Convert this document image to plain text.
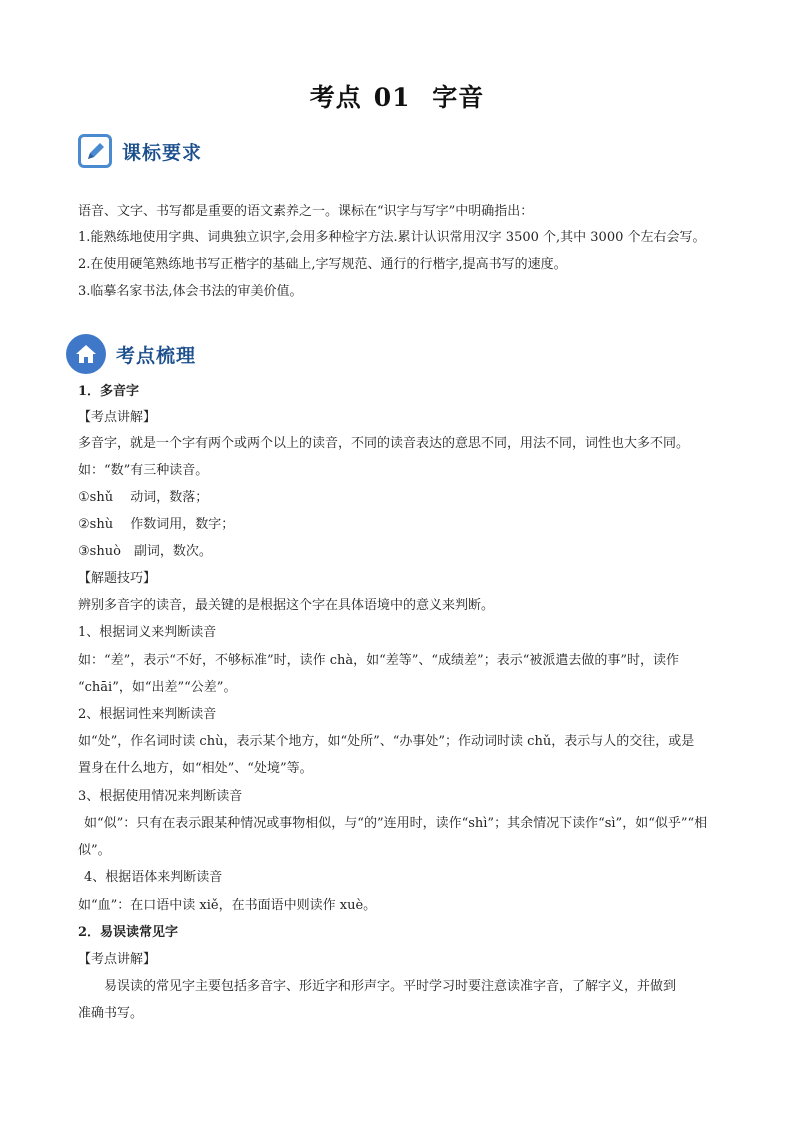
考点 01 字音
课标要求
语音、文字、书写都是重要的语文素养之一。课标在“识字与写字”中明确指出：
1.能熟练地使用字典、词典独立识字,会用多种检字方法.累计认识常用汉字 3500 个,其中 3000 个左右会写。
2.在使用硬笔熟练地书写正楷字的基础上,字写规范、通行的行楷字,提高书写的速度。
3.临摹名家书法,体会书法的审美价值。
考点梳理
1．多音字
【考点讲解】
多音字，就是一个字有两个或两个以上的读音，不同的读音表达的意思不同，用法不同，词性也大多不同。
如：“数”有三种读音。
①shǔ　 动词，数落；
②shù　 作数词用，数字；
③shuò　副词，数次。
【解题技巧】
辨别多音字的读音，最关键的是根据这个字在具体语境中的意义来判断。
1、根据词义来判断读音
如：“差”，表示“不好，不够标准”时，读作 chà，如“差等”、“成绩差”；表示“被派遣去做的事”时，读作
“chāi”，如“出差”“公差”。
2、根据词性来判断读音
如“处”，作名词时读 chù，表示某个地方，如“处所”、“办事处”；作动词时读 chǔ，表示与人的交往，或是
置身在什么地方，如“相处”、“处境”等。
3、根据使用情况来判断读音
如“似”：只有在表示跟某种情况或事物相似，与“的”连用时，读作“shì”；其余情况下读作“sì”，如“似乎”“相
似”。
4、根据语体来判断读音
如“血”：在口语中读 xiě，在书面语中则读作 xuè。
2．易误读常见字
【考点讲解】
易误读的常见字主要包括多音字、形近字和形声字。平时学习时要注意读准字音，了解字义，并做到
准确书写。
